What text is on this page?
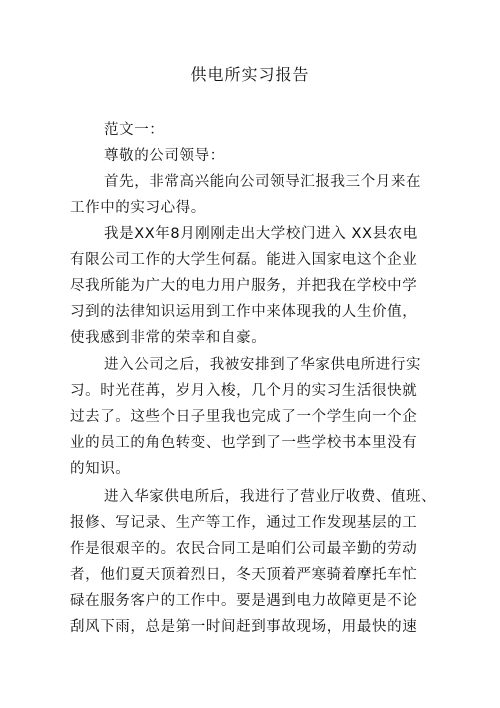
供电所实习报告
范文一：
尊敬的公司领导：
首先，非常高兴能向公司领导汇报我三个月来在
工作中的实习心得。
我是XX年8月刚刚走出大学校门进入 XX县农电
有限公司工作的大学生何磊。能进入国家电这个企业
尽我所能为广大的电力用户服务，并把我在学校中学
习到的法律知识运用到工作中来体现我的人生价值，
使我感到非常的荣幸和自豪。
进入公司之后，我被安排到了华家供电所进行实
习。时光荏苒，岁月入梭，几个月的实习生活很快就
过去了。这些个日子里我也完成了一个学生向一个企
业的员工的角色转变、也学到了一些学校书本里没有
的知识。
进入华家供电所后，我进行了营业厅收费、值班、
报修、写记录、生产等工作，通过工作发现基层的工
作是很艰辛的。农民合同工是咱们公司最辛勤的劳动
者，他们夏天顶着烈日，冬天顶着严寒骑着摩托车忙
碌在服务客户的工作中。要是遇到电力故障更是不论
刮风下雨，总是第一时间赶到事故现场，用最快的速
